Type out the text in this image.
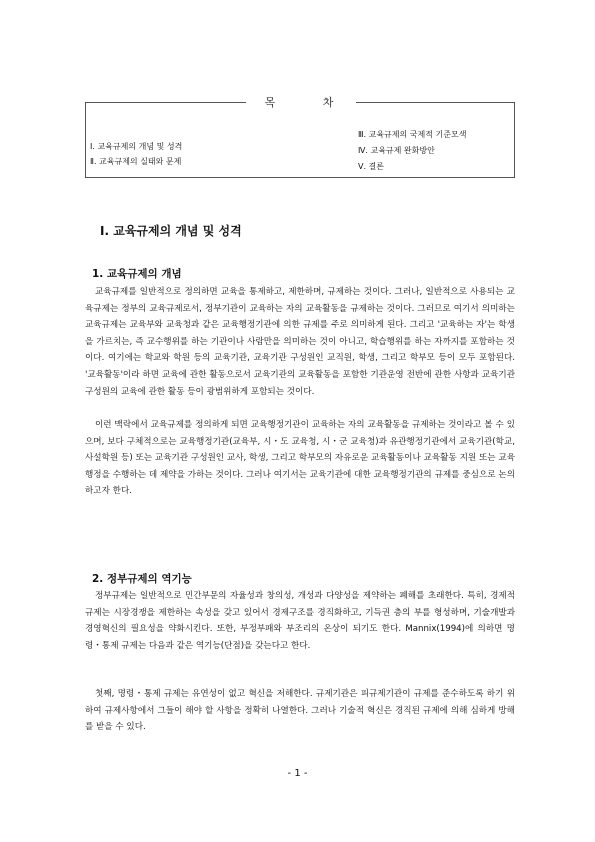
목 차
Ⅰ. 교육규제의 개념 및 성격
Ⅱ. 교육규제의 실태와 문제
Ⅲ. 교육규제의 국제적 기준모색
Ⅳ. 교육규제 완화방안
Ⅴ. 결론
Ⅰ. 교육규제의 개념 및 성격
1. 교육규제의 개념
교육규제를 일반적으로 정의하면 교육을 통제하고, 제한하며, 규제하는 것이다. 그러나, 일반적으로 사용되는 교육규제는 정부의 교육규제로서, 정부기관이 교육하는 자의 교육활동을 규제하는 것이다. 그러므로 여기서 의미하는 교육규제는 교육부와 교육청과 같은 교육행정기관에 의한 규제를 주로 의미하게 된다. 그리고 '교육하는 자'는 학생을 가르치는, 즉 교수행위를 하는 기관이나 사람만을 의미하는 것이 아니고, 학습행위를 하는 자까지를 포함하는 것이다. 여기에는 학교와 학원 등의 교육기관, 교육기관 구성원인 교직원, 학생, 그리고 학부모 등이 모두 포함된다. '교육활동'이라 하면 교육에 관한 활동으로서 교육기관의 교육활동을 포함한 기관운영 전반에 관한 사항과 교육기관 구성원의 교육에 관한 활동 등이 광범위하게 포함되는 것이다.
이런 맥락에서 교육규제를 정의하게 되면 교육행정기관이 교육하는 자의 교육활동을 규제하는 것이라고 볼 수 있으며, 보다 구체적으로는 교육행정기관(교육부, 시・도 교육청, 시・군 교육청)과 유관행정기관에서 교육기관(학교, 사설학원 등) 또는 교육기관 구성원인 교사, 학생, 그리고 학부모의 자유로운 교육활동이나 교육활동 지원 또는 교육행정을 수행하는 데 제약을 가하는 것이다. 그러나 여기서는 교육기관에 대한 교육행정기관의 규제를 중심으로 논의하고자 한다.
2. 정부규제의 역기능
정부규제는 일반적으로 민간부문의 자율성과 창의성, 개성과 다양성을 제약하는 폐해를 초래한다. 특히, 경제적 규제는 시장경쟁을 제한하는 속성을 갖고 있어서 경제구조를 경직화하고, 기득권 층의 부를 형성하며, 기술개발과 경영혁신의 필요성을 약화시킨다. 또한, 부정부패와 부조리의 온상이 되기도 한다. Mannix(1994)에 의하면 명령・통제 규제는 다음과 같은 역기능(단점)을 갖는다고 한다.
첫째, 명령・통제 규제는 유연성이 없고 혁신을 저해한다. 규제기관은 피규제기관이 규제를 준수하도록 하기 위하여 규제사항에서 그들이 해야 할 사항을 정확히 나열한다. 그러나 기술적 혁신은 경직된 규제에 의해 심하게 방해를 받을 수 있다.
- 1 -
